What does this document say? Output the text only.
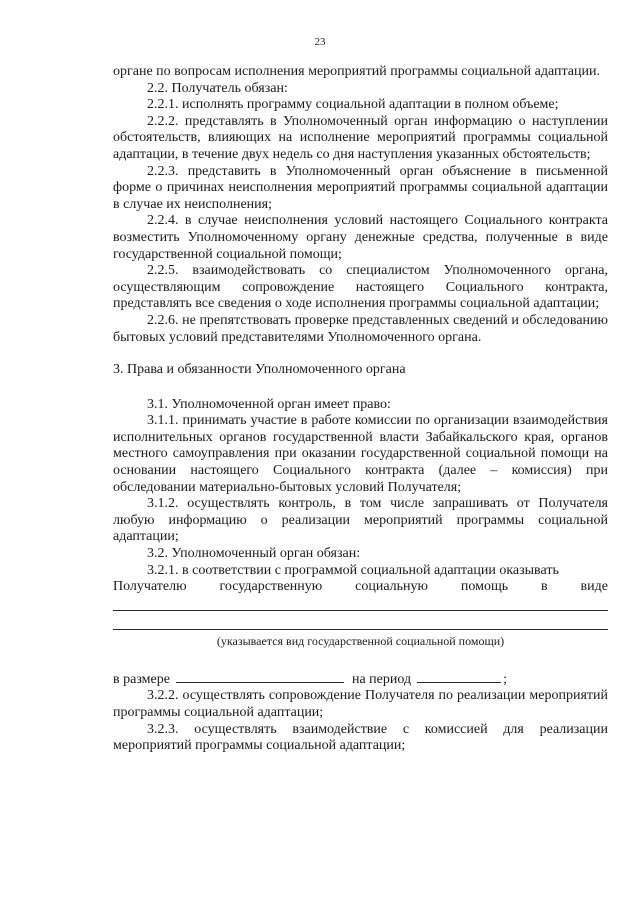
23

органе по вопросам исполнения мероприятий программы социальной адаптации.

2.2. Получатель обязан:

2.2.1. исполнять программу социальной адаптации в полном объеме;

2.2.2. представлять в Уполномоченный орган информацию о наступлении обстоятельств, влияющих на исполнение мероприятий программы социальной адаптации, в течение двух недель со дня наступления указанных обстоятельств;

2.2.3. представить в Уполномоченный орган объяснение в письменной форме о причинах неисполнения мероприятий программы социальной адаптации в случае их неисполнения;

2.2.4. в случае неисполнения условий настоящего Социального контракта возместить Уполномоченному органу денежные средства, полученные в виде государственной социальной помощи;

2.2.5. взаимодействовать со специалистом Уполномоченного органа, осуществляющим сопровождение настоящего Социального контракта, представлять все сведения о ходе исполнения программы социальной адаптации;

2.2.6. не препятствовать проверке представленных сведений и обследованию бытовых условий представителями Уполномоченного органа.

3. Права и обязанности Уполномоченного органа

3.1. Уполномоченной орган имеет право:

3.1.1. принимать участие в работе комиссии по организации взаимодействия исполнительных органов государственной власти Забайкальского края, органов местного самоуправления при оказании государственной социальной помощи на основании настоящего Социального контракта (далее – комиссия) при обследовании материально-бытовых условий Получателя;

3.1.2. осуществлять контроль, в том числе запрашивать от Получателя любую информацию о реализации мероприятий программы социальной адаптации;

3.2. Уполномоченный орган обязан:

3.2.1. в соответствии с программой социальной адаптации оказывать

Получателю государственную социальную помощь в виде
(указывается вид государственной социальной помощи)
в размере	на период	;

3.2.2. осуществлять сопровождение Получателя по реализации мероприятий программы социальной адаптации;

3.2.3. осуществлять взаимодействие с комиссией для реализации мероприятий программы социальной адаптации;
